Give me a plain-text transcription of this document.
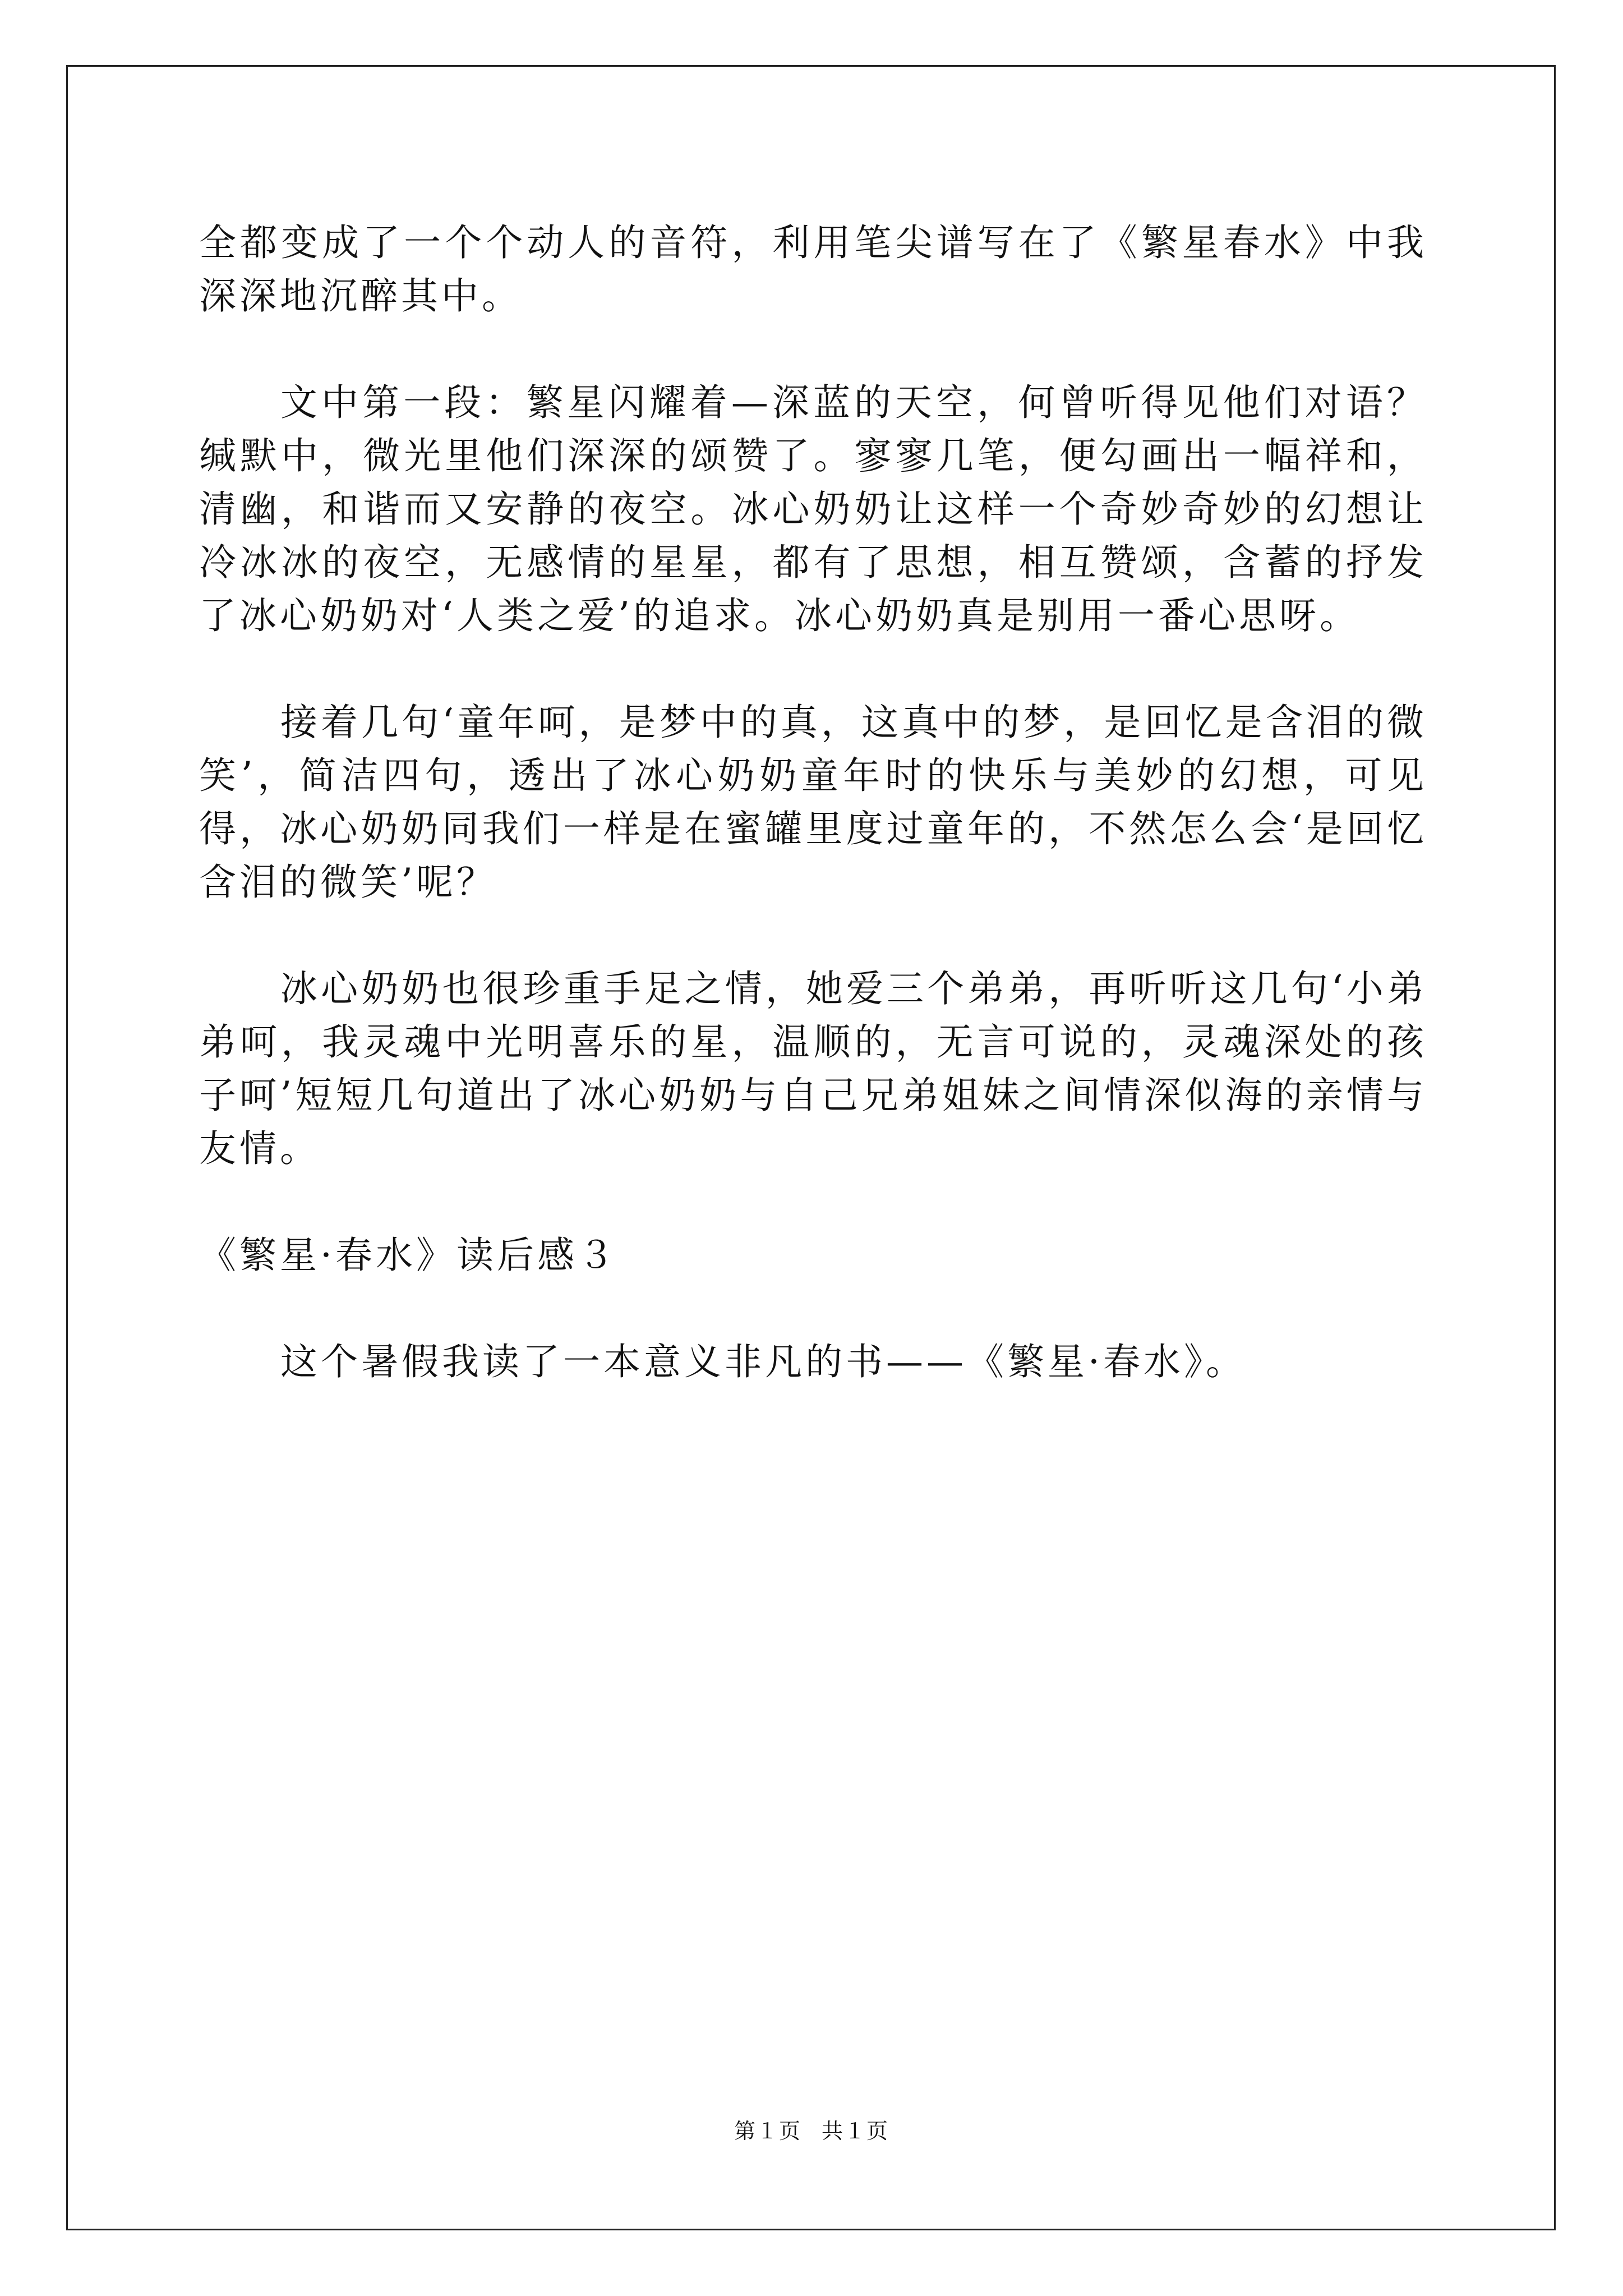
全都变成了一个个动人的音符，利用笔尖谱写在了《繁星春水》中我深深地沉醉其中。

文中第一段：繁星闪耀着—深蓝的天空，何曾听得见他们对语？缄默中，微光里他们深深的颂赞了。寥寥几笔，便勾画出一幅祥和，清幽，和谐而又安静的夜空。冰心奶奶让这样一个奇妙奇妙的幻想让冷冰冰的夜空，无感情的星星，都有了思想，相互赞颂，含蓄的抒发了冰心奶奶对‘人类之爱’的追求。冰心奶奶真是别用一番心思呀。

接着几句‘童年呵，是梦中的真，这真中的梦，是回忆是含泪的微笑’，简洁四句，透出了冰心奶奶童年时的快乐与美妙的幻想，可见得，冰心奶奶同我们一样是在蜜罐里度过童年的，不然怎么会‘是回忆含泪的微笑’呢？

冰心奶奶也很珍重手足之情，她爱三个弟弟，再听听这几句‘小弟弟呵，我灵魂中光明喜乐的星，温顺的，无言可说的，灵魂深处的孩子呵’短短几句道出了冰心奶奶与自己兄弟姐妹之间情深似海的亲情与友情。

《繁星·春水》读后感３

这个暑假我读了一本意义非凡的书——《繁星·春水》。

第１页 共１页
